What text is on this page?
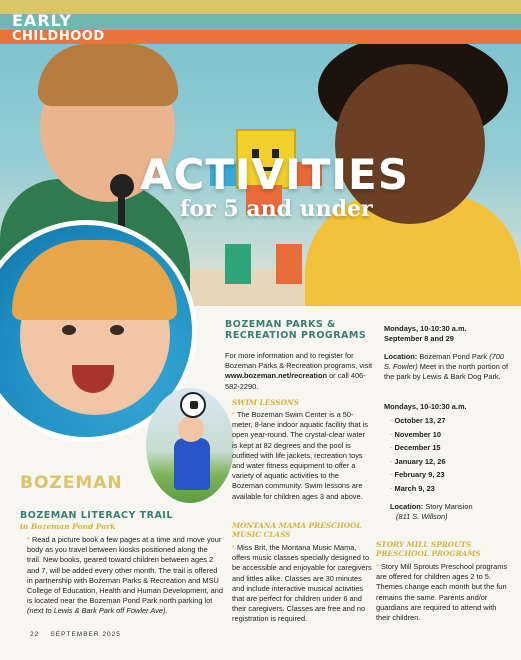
EARLY
CHILDHOOD
ACTIVITIES
for 5 and under
BOZEMAN
BOZEMAN LITERACY TRAIL
in Bozeman Pond Park
* Read a picture book a few pages at a time and move your body as you travel between kiosks positioned along the trail. New books, geared toward children between ages 2 and 7, will be added every other month. The trail is offered in partnership with Bozeman Parks & Recreation and MSU College of Education, Health and Human Development, and is located near the Bozeman Pond Park north parking lot (next to Lewis & Bark Park off Fowler Ave).
BOZEMAN PARKS & RECREATION PROGRAMS
For more information and to register for Bozeman Parks & Recreation programs, visit www.bozeman.net/recreation or call 406-582-2290.
SWIM LESSONS
* The Bozeman Swim Center is a 50-meter, 8-lane indoor aquatic facility that is open year-round. The crystal-clear water is kept at 82 degrees and the pool is outfitted with life jackets, recreation toys and water fitness equipment to offer a variety of aquatic activities to the Bozeman community. Swim lessons are available for children ages 3 and above.
MONTANA MAMA PRESCHOOL MUSIC CLASS
* Miss Brit, the Montana Music Mama, offers music classes specially designed to be accessible and enjoyable for caregivers and littles alike. Classes are 30 minutes and include interactive musical activities that are perfect for children under 6 and their caregivers. Classes are free and no registration is required.
Mondays, 10-10:30 a.m.
September 8 and 29
Location: Bozeman Pond Park (700 S. Fowler) Meet in the north portion of the park by Lewis & Bark Dog Park.
Mondays, 10-10:30 a.m.
· October 13, 27
· November 10
· December 15
· January 12, 26
· February 9, 23
· March 9, 23
Location: Story Mansion
(811 S. Willson)
STORY MILL SPROUTS PRESCHOOL PROGRAMS
* Story Mill Sprouts Preschool programs are offered for children ages 2 to 5. Themes change each month but the fun remains the same. Parents and/or guardians are required to attend with their children.
22 SEPTEMBER 2025
